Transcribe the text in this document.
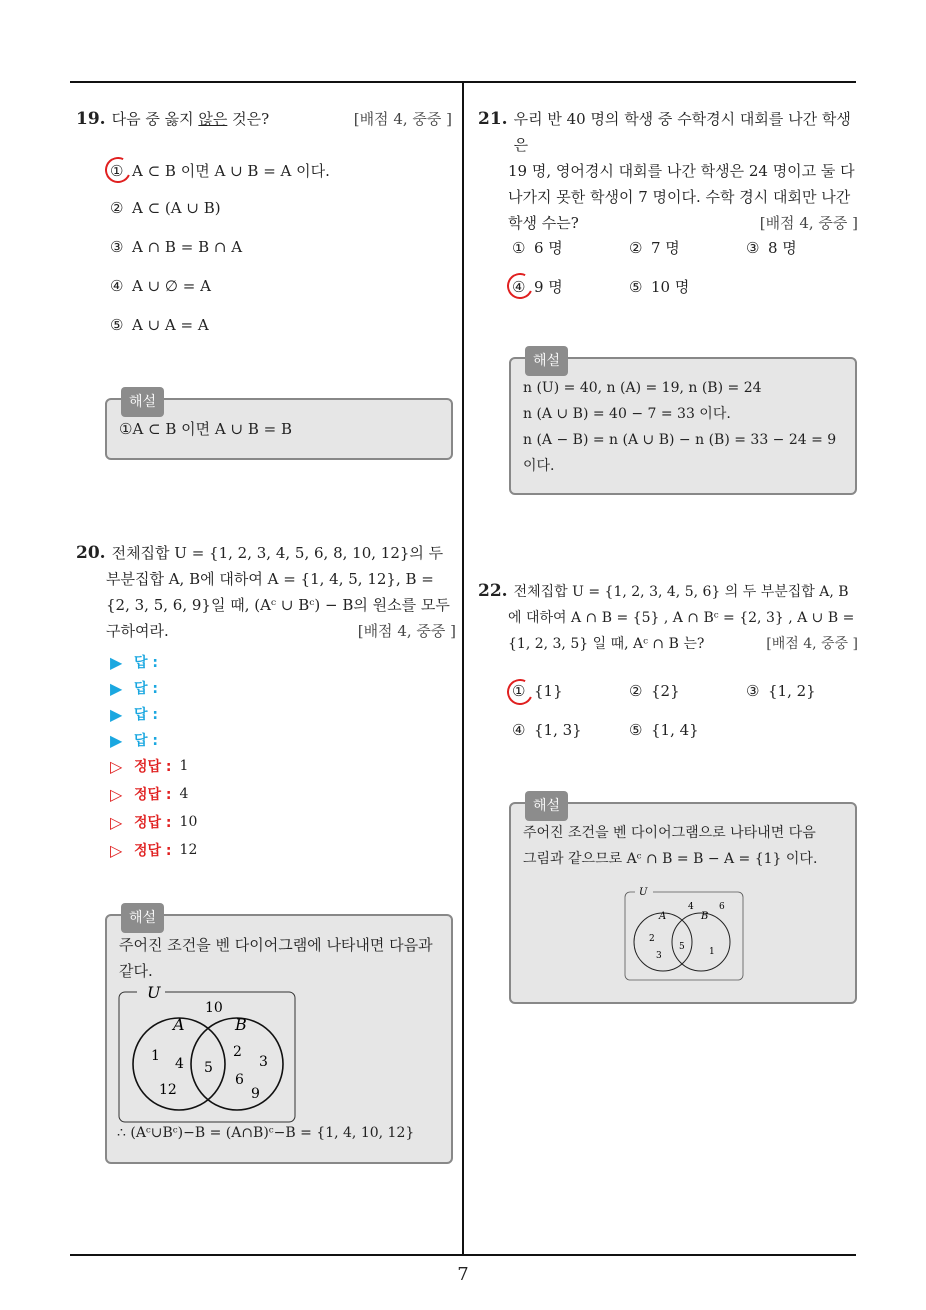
19. 다음 중 옳지 않은 것은?	[배점 4, 중중 ]
① A ⊂ B 이면 A ∪ B = A 이다.
② A ⊂ (A ∪ B)
③ A ∩ B = B ∩ A
④ A ∪ ∅ = A
⑤ A ∪ A = A
해설
①A ⊂ B 이면 A ∪ B = B
20. 전체집합 U = {1, 2, 3, 4, 5, 6, 8, 10, 12}의 두
부분집합 A, B에 대하여 A = {1, 4, 5, 12}, B =
{2, 3, 5, 6, 9}일 때, (Aᶜ ∪ Bᶜ) − B의 원소를 모두
구하여라.	[배점 4, 중중 ]
▶ 답 :
▶ 답 :
▶ 답 :
▶ 답 :
▷ 정답 : 1
▷ 정답 : 4
▷ 정답 : 10
▷ 정답 : 12
해설
주어진 조건을 벤 다이어그램에 나타내면 다음과
같다.
U
A	B
10
1 4
12
5
2
3
6
9
∴ (Aᶜ∪Bᶜ)−B = (A∩B)ᶜ−B = {1, 4, 10, 12}
21. 우리 반 40 명의 학생 중 수학경시 대회를 나간 학생은
19 명, 영어경시 대회를 나간 학생은 24 명이고 둘 다
나가지 못한 학생이 7 명이다. 수학 경시 대회만 나간
학생 수는?	[배점 4, 중중 ]
① 6 명	② 7 명	③ 8 명
④ 9 명	⑤ 10 명
해설
n (U) = 40, n (A) = 19, n (B) = 24
n (A ∪ B) = 40 − 7 = 33 이다.
n (A − B) = n (A ∪ B) − n (B) = 33 − 24 = 9
이다.
22. 전체집합 U = {1, 2, 3, 4, 5, 6} 의 두 부분집합 A, B
에 대하여 A ∩ B = {5} , A ∩ Bᶜ = {2, 3} , A ∪ B =
{1, 2, 3, 5} 일 때, Aᶜ ∩ B 는?	[배점 4, 중중 ]
① {1}	② {2}	③ {1, 2}
④ {1, 3}	⑤ {1, 4}
해설
주어진 조건을 벤 다이어그램으로 나타내면 다음
그림과 같으므로 Aᶜ ∩ B = B − A = {1} 이다.
U
A	B
4	6
2
3
5	1
7
